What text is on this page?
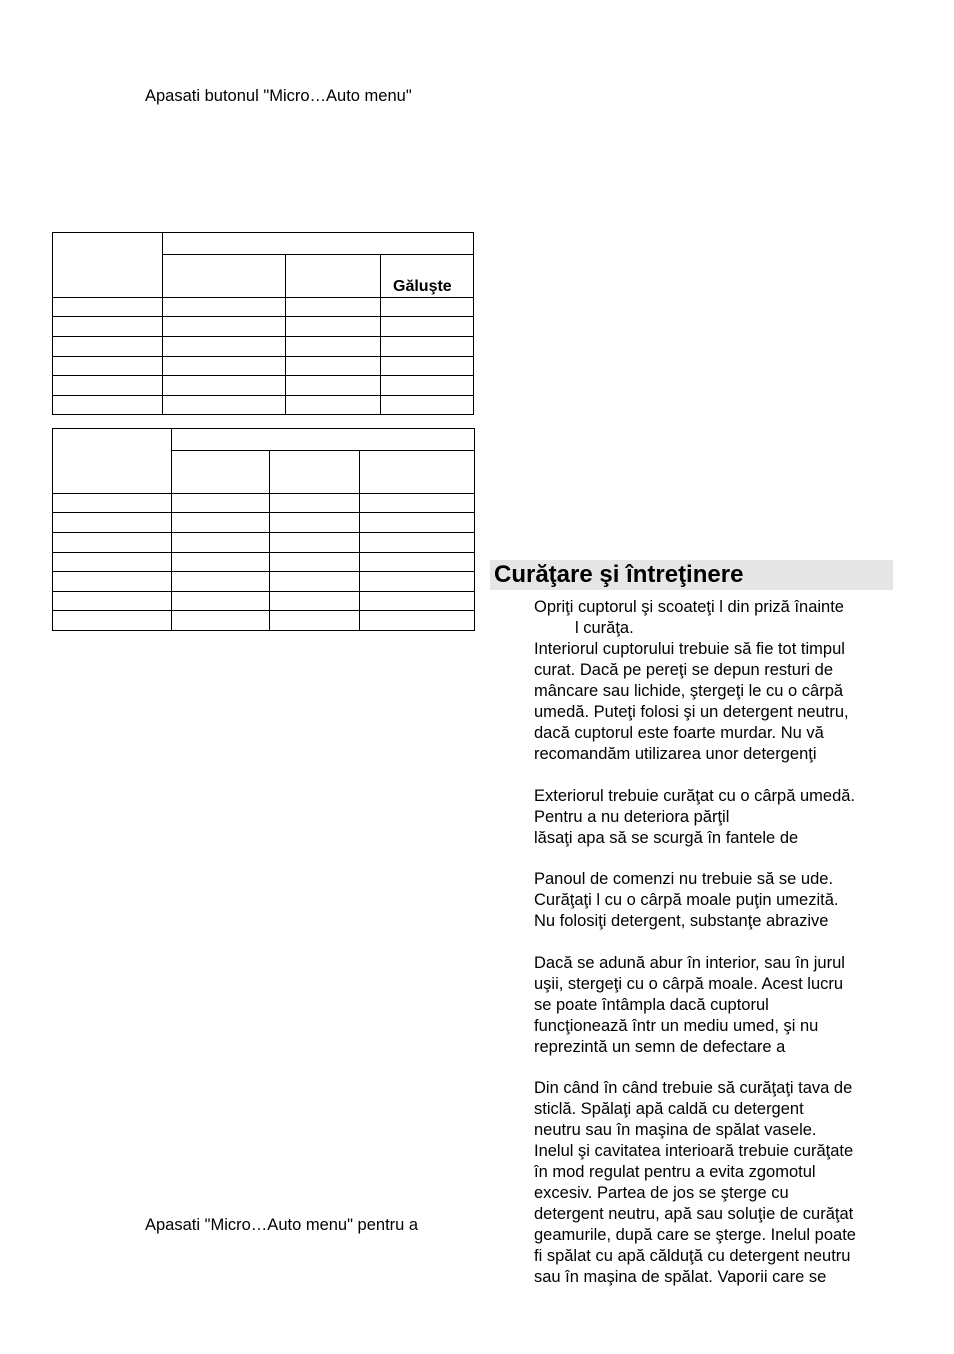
Apasati butonul "Micro…Auto menu"

			Găluşte

Apasati "Micro…Auto menu" pentru a
Curăţare şi întreţinere
Opriţi cuptorul şi scoateţi l din priză înainte
l curăţa.
Interiorul cuptorului trebuie să fie tot timpul
curat. Dacă pe pereţi se depun resturi de
mâncare sau lichide, ştergeţi le cu o cârpă
umedă. Puteţi folosi şi un detergent neutru,
dacă cuptorul este foarte murdar. Nu vă
recomandăm utilizarea unor detergenţi
Exteriorul trebuie curăţat cu o cârpă umedă.
Pentru a nu deteriora părţil
lăsaţi apa să se scurgă în fantele de
Panoul de comenzi nu trebuie să se ude.
Curăţaţi l cu o cârpă moale puţin umezită.
Nu folosiţi detergent, substanţe abrazive
Dacă se adună abur în interior, sau în jurul
uşii, stergeţi cu o cârpă moale. Acest lucru
se poate întâmpla dacă cuptorul
funcţionează într un mediu umed, şi nu
reprezintă un semn de defectare a
Din când în când trebuie să curăţaţi tava de
sticlă. Spălaţi apă caldă cu detergent
neutru sau în maşina de spălat vasele.
Inelul şi cavitatea interioară trebuie curăţate
în mod regulat pentru a evita zgomotul
excesiv. Partea de jos se şterge cu
detergent neutru, apă sau soluţie de curăţat
geamurile, după care se şterge. Inelul poate
fi spălat cu apă călduţă cu detergent neutru
sau în maşina de spălat. Vaporii care se
